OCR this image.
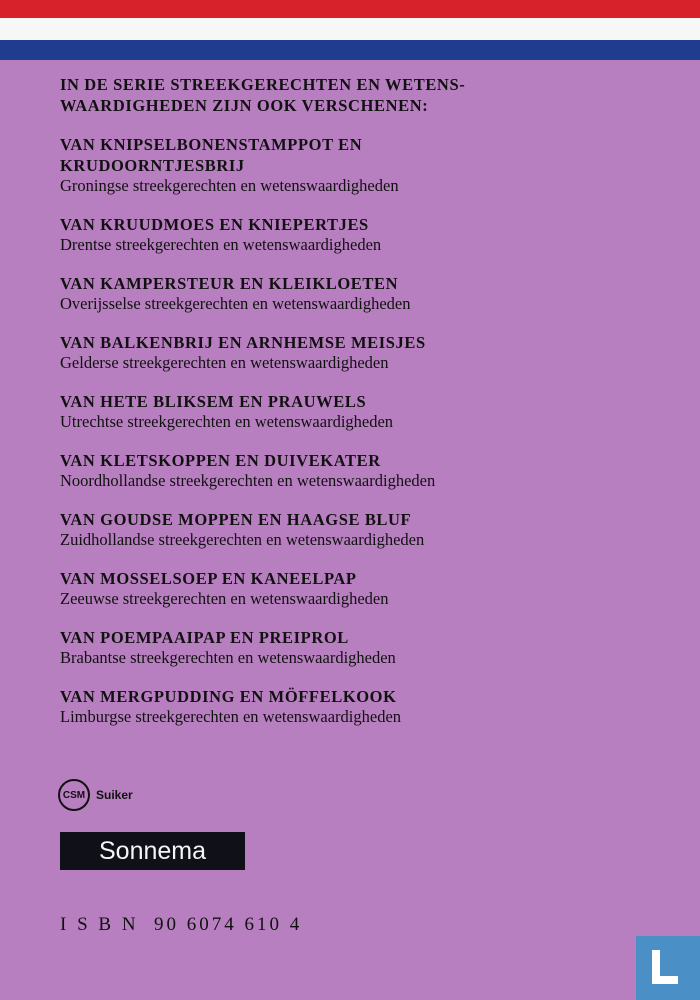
IN DE SERIE STREEKGERECHTEN EN WETENS-
WAARDIGHEDEN ZIJN OOK VERSCHENEN:
VAN KNIPSELBONENSTAMPPOT EN
KRUDOORNTJESBRIJ
Groningse streekgerechten en wetenswaardigheden
VAN KRUUDMOES EN KNIEPERTJES
Drentse streekgerechten en wetenswaardigheden
VAN KAMPERSTEUR EN KLEIKLOETEN
Overijsselse streekgerechten en wetenswaardigheden
VAN BALKENBRIJ EN ARNHEMSE MEISJES
Gelderse streekgerechten en wetenswaardigheden
VAN HETE BLIKSEM EN PRAUWELS
Utrechtse streekgerechten en wetenswaardigheden
VAN KLETSKOPPEN EN DUIVEKATER
Noordhollandse streekgerechten en wetenswaardigheden
VAN GOUDSE MOPPEN EN HAAGSE BLUF
Zuidhollandse streekgerechten en wetenswaardigheden
VAN MOSSELSOEP EN KANEELPAP
Zeeuwse streekgerechten en wetenswaardigheden
VAN POEMPAAIPAP EN PREIPROL
Brabantse streekgerechten en wetenswaardigheden
VAN MERGPUDDING EN MÖFFELKOOK
Limburgse streekgerechten en wetenswaardigheden
CSM Suiker
Sonnema
I S B N  90 6074 610 4
